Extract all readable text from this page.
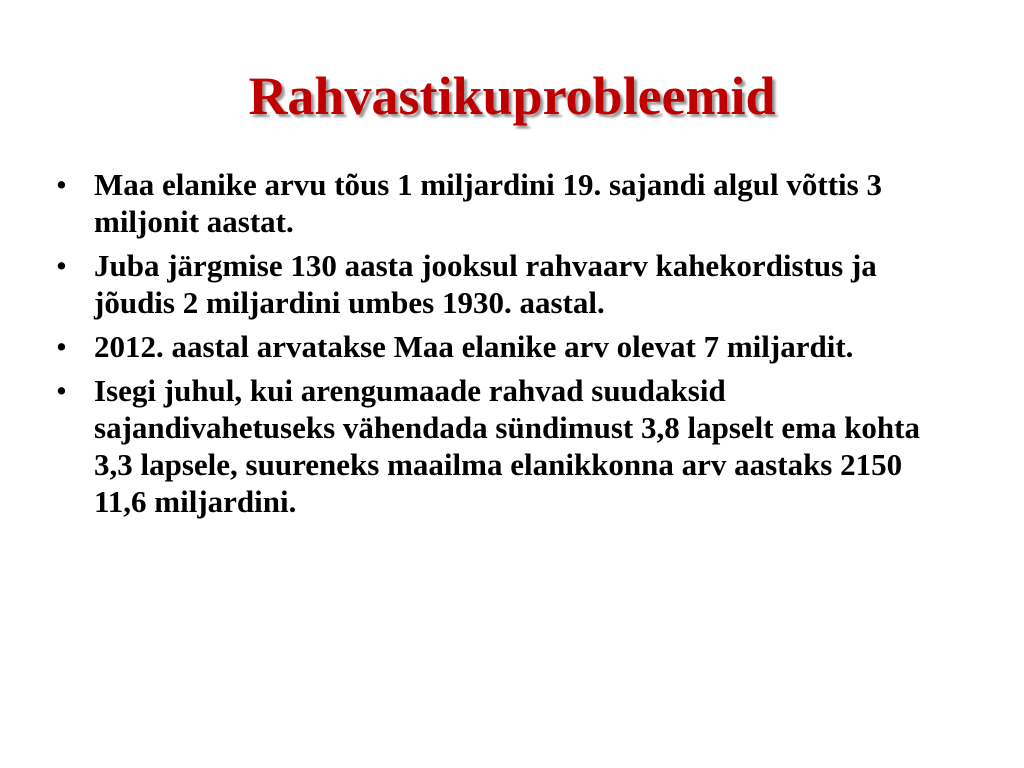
Rahvastikuprobleemid
• Maa elanike arvu tõus 1 miljardini 19. sajandi algul võttis 3 miljonit aastat.
• Juba järgmise 130 aasta jooksul rahvaarv kahekordistus ja jõudis 2 miljardini umbes 1930. aastal.
• 2012. aastal arvatakse Maa elanike arv olevat 7 miljardit.
• Isegi juhul, kui arengumaade rahvad suudaksid sajandivahetuseks vähendada sündimust 3,8 lapselt ema kohta 3,3 lapsele, suureneks maailma elanikkonna arv aastaks 2150 11,6 miljardini.
